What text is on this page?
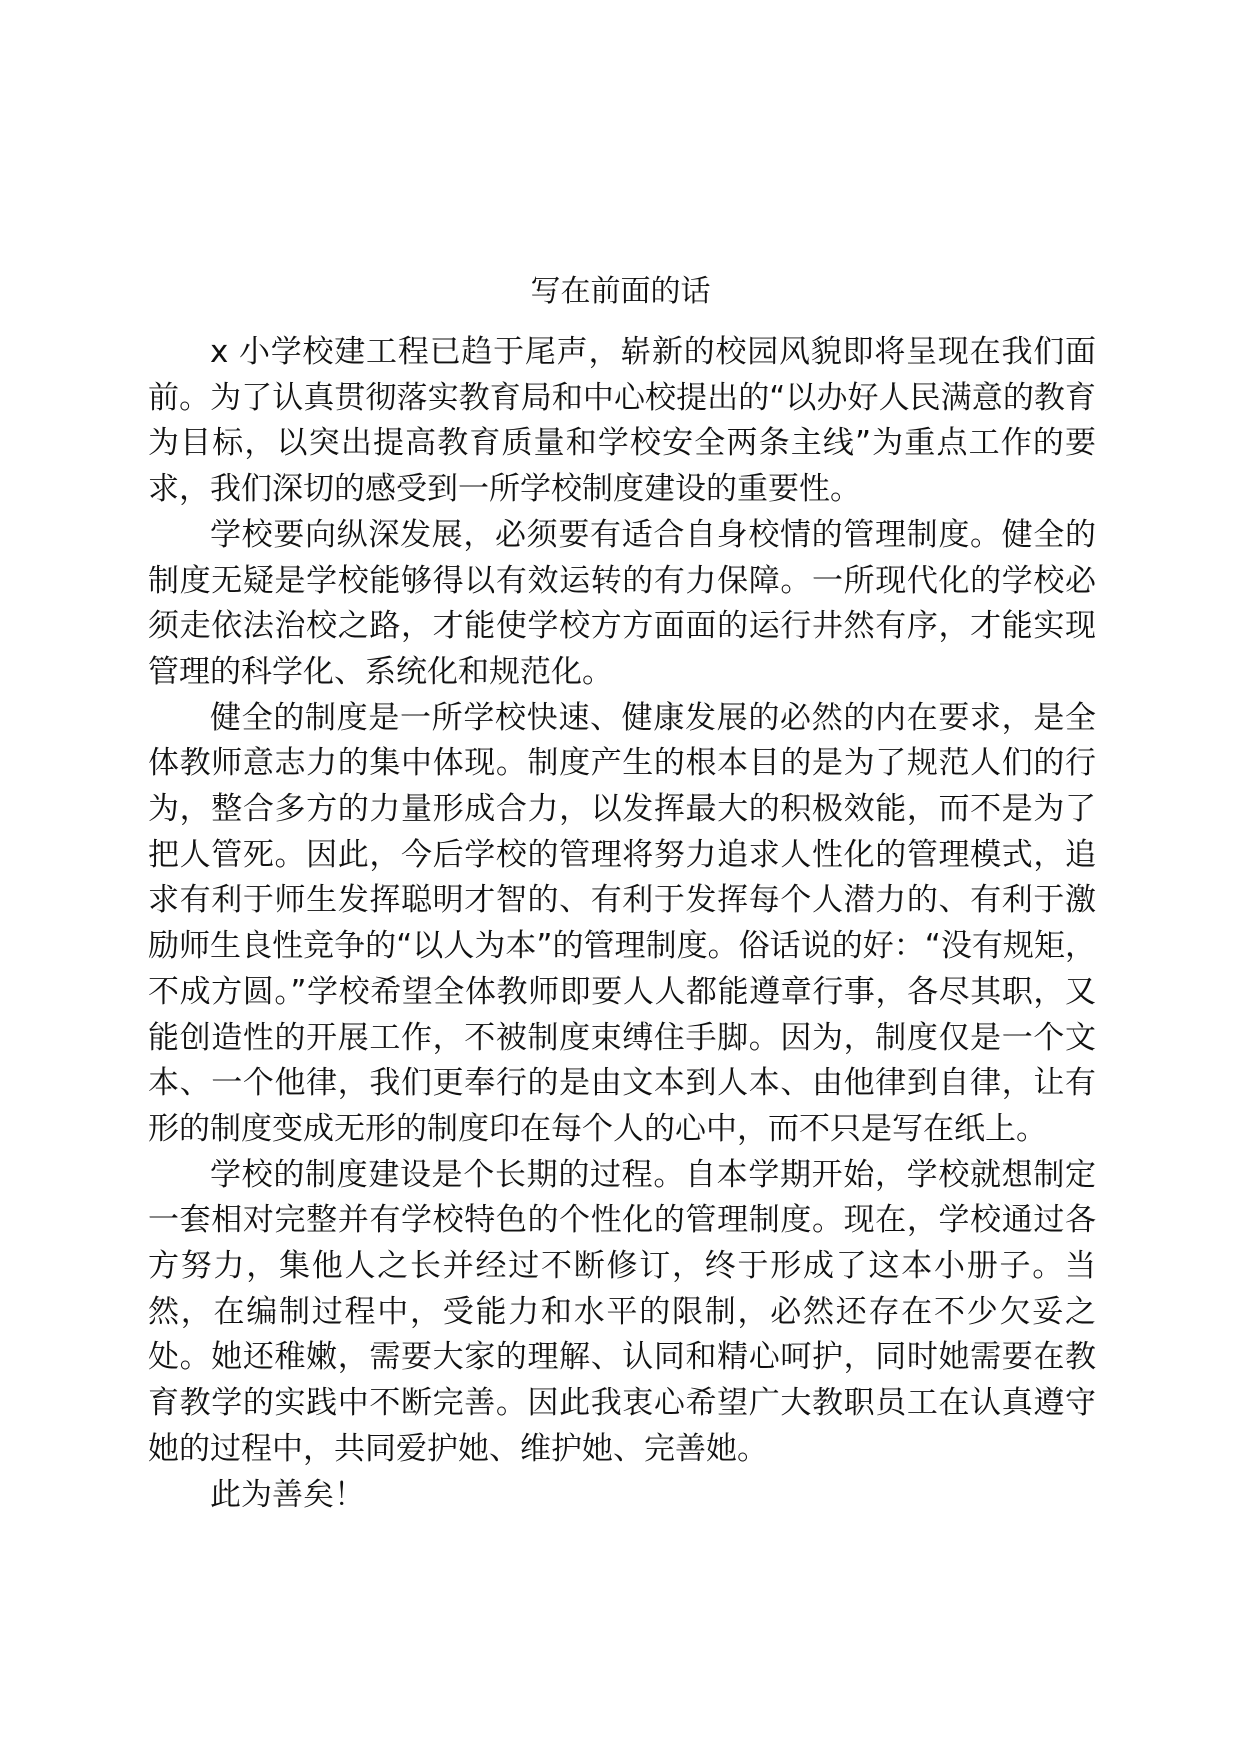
写在前面的话

x 小学校建工程已趋于尾声，崭新的校园风貌即将呈现在我们面前。为了认真贯彻落实教育局和中心校提出的“以办好人民满意的教育为目标，以突出提高教育质量和学校安全两条主线”为重点工作的要求，我们深切的感受到一所学校制度建设的重要性。

学校要向纵深发展，必须要有适合自身校情的管理制度。健全的制度无疑是学校能够得以有效运转的有力保障。一所现代化的学校必须走依法治校之路，才能使学校方方面面的运行井然有序，才能实现管理的科学化、系统化和规范化。

健全的制度是一所学校快速、健康发展的必然的内在要求，是全体教师意志力的集中体现。制度产生的根本目的是为了规范人们的行为，整合多方的力量形成合力，以发挥最大的积极效能，而不是为了把人管死。因此，今后学校的管理将努力追求人性化的管理模式，追求有利于师生发挥聪明才智的、有利于发挥每个人潜力的、有利于激励师生良性竞争的“以人为本”的管理制度。俗话说的好：“没有规矩，不成方圆。”学校希望全体教师即要人人都能遵章行事，各尽其职，又能创造性的开展工作，不被制度束缚住手脚。因为，制度仅是一个文本、一个他律，我们更奉行的是由文本到人本、由他律到自律，让有形的制度变成无形的制度印在每个人的心中，而不只是写在纸上。

学校的制度建设是个长期的过程。自本学期开始，学校就想制定一套相对完整并有学校特色的个性化的管理制度。现在，学校通过各方努力，集他人之长并经过不断修订，终于形成了这本小册子。当然，在编制过程中，受能力和水平的限制，必然还存在不少欠妥之处。她还稚嫩，需要大家的理解、认同和精心呵护，同时她需要在教育教学的实践中不断完善。因此我衷心希望广大教职员工在认真遵守她的过程中，共同爱护她、维护她、完善她。

此为善矣！
